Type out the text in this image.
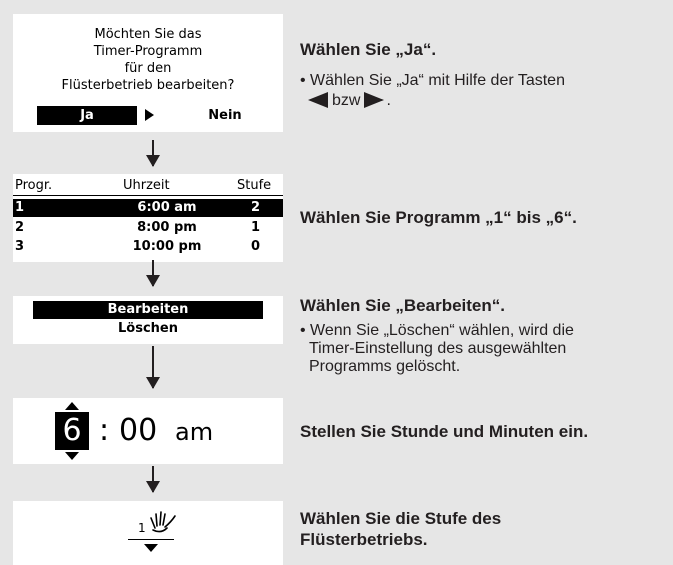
Möchten Sie das
Timer-Programm
für den
Flüsterbetrieb bearbeiten?
Ja	Nein
Wählen Sie „Ja“.
• Wählen Sie „Ja“ mit Hilfe der Tasten
bzw .
Progr.	Uhrzeit	Stufe
1	6:00 am	2
2	8:00 pm	1
3	10:00 pm	0
Wählen Sie Programm „1“ bis „6“.
Bearbeiten
Löschen
Wählen Sie „Bearbeiten“.
• Wenn Sie „Löschen“ wählen, wird die
Timer-Einstellung des ausgewählten
Programms gelöscht.
6 : 00 am	Stellen Sie Stunde und Minuten ein.
1	Wählen Sie die Stufe des
Flüsterbetriebs.
